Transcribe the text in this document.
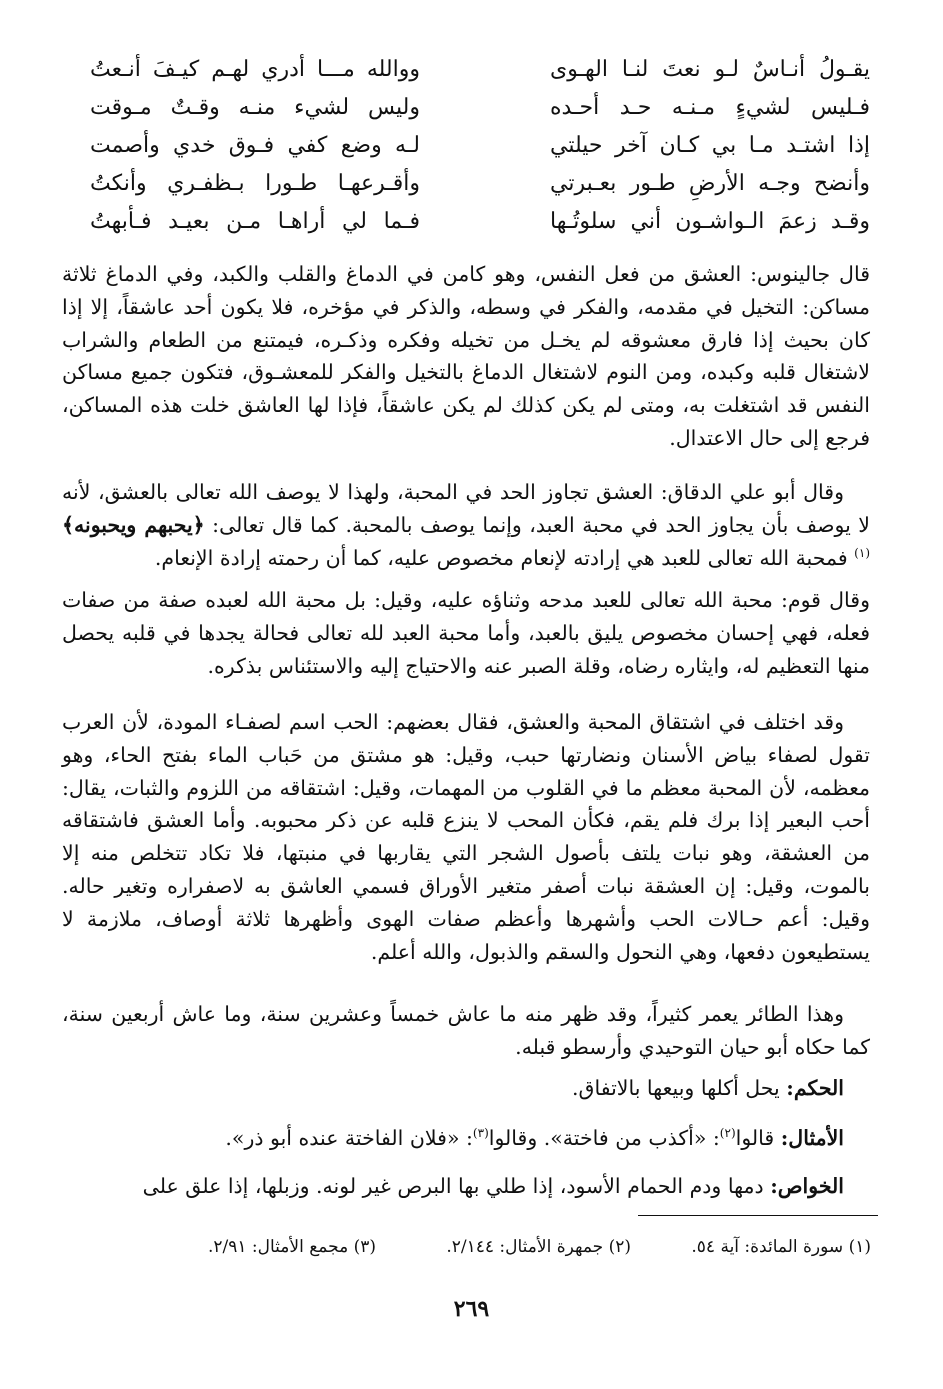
يقـولُ أنـاسٌ لـو نعتَ لنـا الهـوى
ووالله مـــا أدري لهـم كيـفَ أنـعتُ
فـليس لشيءٍ مـنـه حـد أحـده
وليس لشيء منـه وقـتٌ مـوقت
إذا اشتـد مـا بي كـان آخر حيلتي
لـه وضع كفي فـوق خدي وأصمت
وأنضح وجـه الأرضِ طـور بعـبرتي
وأقـرعهـا طـورا بـظفـري وأنكتُ
وقـد زعمَ الـواشـون أني سلوتُـها
فـما لي أراهـا مـن بعيـد فـأبهتُ

قال جالينوس: العشق من فعل النفس، وهو كامن في الدماغ والقلب والكبد، وفي الدماغ ثلاثة مساكن: التخيل في مقدمه، والفكر في وسطه، والذكر في مؤخره، فلا يكون أحد عاشقاً، إلا إذا كان بحيث إذا فارق معشوقه لم يخـل من تخيله وفكره وذكـره، فيمتنع من الطعام والشراب لاشتغال قلبه وكبده، ومن النوم لاشتغال الدماغ بالتخيل والفكر للمعشـوق، فتكون جميع مساكن النفس قد اشتغلت به، ومتى لم يكن كذلك لم يكن عاشقاً، فإذا لها العاشق خلت هذه المساكن، فرجع إلى حال الاعتدال.

وقال أبو علي الدقاق: العشق تجاوز الحد في المحبة، ولهذا لا يوصف الله تعالى بالعشق، لأنه لا يوصف بأن يجاوز الحد في محبة العبد، وإنما يوصف بالمحبة. كما قال تعالى: ﴿يحبهم ويحبونه﴾$^{(١)}$ فمحبة الله تعالى للعبد هي إرادته لإنعام مخصوص عليه، كما أن رحمته إرادة الإنعام.

وقال قوم: محبة الله تعالى للعبد مدحه وثناؤه عليه، وقيل: بل محبة الله لعبده صفة من صفات فعله، فهي إحسان مخصوص يليق بالعبد، وأما محبة العبد لله تعالى فحالة يجدها في قلبه يحصل منها التعظيم له، وايثاره رضاه، وقلة الصبر عنه والاحتياج إليه والاستئناس بذكره.

وقد اختلف في اشتقاق المحبة والعشق، فقال بعضهم: الحب اسم لصفـاء المودة، لأن العرب تقول لصفاء بياض الأسنان ونضارتها حبب، وقيل: هو مشتق من حَباب الماء بفتح الحاء، وهو معظمه، لأن المحبة معظم ما في القلوب من المهمات، وقيل: اشتقاقه من اللزوم والثبات، يقال: أحب البعير إذا برك فلم يقم، فكأن المحب لا ينزع قلبه عن ذكر محبوبه. وأما العشق فاشتقاقه من العشقة، وهو نبات يلتف بأصول الشجر التي يقاربها في منبتها، فلا تكاد تتخلص منه إلا بالموت، وقيل: إن العشقة نبات أصفر متغير الأوراق فسمي العاشق به لاصفراره وتغير حاله. وقيل: أعم حـالات الحب وأشهرها وأعظم صفات الهوى وأظهرها ثلاثة أوصاف، ملازمة لا يستطيعون دفعها، وهي النحول والسقم والذبول، والله أعلم.

وهذا الطائر يعمر كثيراً، وقد ظهر منه ما عاش خمساً وعشرين سنة، وما عاش أربعين سنة، كما حكاه أبو حيان التوحيدي وأرسطو قبله.

الحكم: يحل أكلها وبيعها بالاتفاق.

الأمثال: قالوا$^{(٢)}$: «أكذب من فاختة». وقالوا$^{(٣)}$: «فلان الفاختة عنده أبو ذر».

الخواص: دمها ودم الحمام الأسود، إذا طلي بها البرص غير لونه. وزبلها، إذا علق على

(١) سورة المائدة: آية ٥٤.
(٢) جمهرة الأمثال: ٢/١٤٤.
(٣) مجمع الأمثال: ٢/٩١.
٢٦٩
